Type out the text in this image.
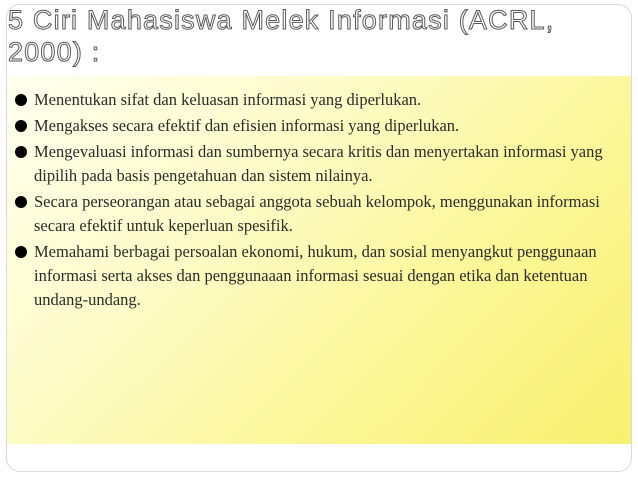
5 Ciri Mahasiswa Melek Informasi (ACRL, 2000) :
Menentukan sifat dan keluasan informasi yang diperlukan.
Mengakses secara efektif dan efisien informasi yang diperlukan.
Mengevaluasi informasi dan sumbernya secara kritis dan menyertakan informasi yang dipilih pada basis pengetahuan dan sistem nilainya.
Secara perseorangan atau sebagai anggota sebuah kelompok, menggunakan informasi secara efektif untuk keperluan spesifik.
Memahami berbagai persoalan ekonomi, hukum, dan sosial menyangkut penggunaan informasi serta akses dan penggunaaan informasi sesuai dengan etika dan ketentuan undang-undang.
